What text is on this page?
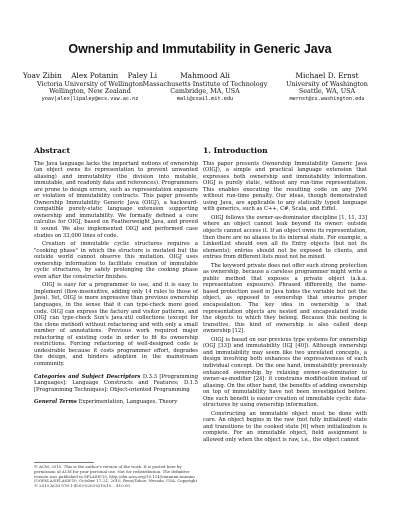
Ownership and Immutability in Generic Java
Yoav Zibin    Alex Potanin    Paley Li
Victoria University of Wellington
Wellington, New Zealand
yoav|alex|lipaley@ecs.vuw.ac.nz
Mahmood Ali
Massachusetts Institute of Technology
Cambridge, MA, USA
mali@csail.mit.edu
Michael D. Ernst
University of Washington
Seattle, WA, USA
mernst@cs.washington.edu
Abstract

The Java language lacks the important notions of ownership (an object owns its representation to prevent unwanted aliasing) and immutability (the division into mutable, immutable, and readonly data and references). Programmers are prone to design errors, such as representation exposure or violation of immutability contracts. This paper presents Ownership Immutability Generic Java (OIGJ), a backward-compatible purely-static language extension supporting ownership and immutability. We formally defined a core calculus for OIGJ, based on Featherweight Java, and proved it sound. We also implemented OIGJ and performed case studies on 33,000 lines of code.

Creation of immutable cyclic structures requires a "cooking phase" in which the structure is mutated but the outside world cannot observe this mutation. OIGJ uses ownership information to facilitate creation of immutable cyclic structures, by safely prolonging the cooking phase even after the constructor finishes.

OIGJ is easy for a programmer to use, and it is easy to implement (flow-insensitive, adding only 14 rules to those of Java). Yet, OIGJ is more expressive than previous ownership languages, in the sense that it can type-check more good code. OIGJ can express the factory and visitor patterns, and OIGJ can type-check Sun's java.util collections (except for the clone method) without refactoring and with only a small number of annotations. Previous work required major refactoring of existing code in order to fit its ownership restrictions. Forcing refactoring of well-designed code is undesirable because it costs programmer effort, degrades the design, and hinders adoption in the mainstream community.

Categories and Subject Descriptors D.3.3 [Programming Languages]: Language Constructs and Features; D.1.5 [Programming Techniques]: Object-oriented Programming

General Terms Experimentation, Languages, Theory

© ACM, 2010. This is the author's version of the work. It is posted here by permission of ACM for your personal use. Not for redistribution. The definitive version was published in SPLASH'10, http://doi.acm.org/10.1145/nnnnnn.nnnnnn (OOPSLA/SPLASH'10, October 17–21, 2010, Reno/Tahoe, Nevada, USA. Copyright © 2010 ACM 978-1-4503-0203-6/10/10... $10.00
1. Introduction

This paper presents Ownership Immutability Generic Java (OIGJ), a simple and practical language extension that expresses both ownership and immutability information. OIGJ is purely static, without any run-time representation. This enables executing the resulting code on any JVM without run-time penalty. Our ideas, though demonstrated using Java, are applicable to any statically typed language with generics, such as C++, C#, Scala, and Eiffel.

OIGJ follows the owner-as-dominator discipline [1, 11, 33] where an object cannot leak beyond its owner: outside objects cannot access it. If an object owns its representation, then there are no aliases to its internal state. For example, a LinkedList should own all its Entry objects (but not its elements); entries should not be exposed to clients, and entries from different lists must not be mixed.

The keyword private does not offer such strong protection as ownership, because a careless programmer might write a public method that exposes a private object (a.k.a. representation exposure). Phrased differently, the name-based protection used in Java hides the variable but not the object, as opposed to ownership that ensures proper encapsulation. The key idea in ownership is that representation objects are nested and encapsulated inside the objects to which they belong. Because this nesting is transitive, this kind of ownership is also called deep ownership [12].

OIGJ is based on our previous type systems for ownership (OGJ [33]) and immutability (IGJ [40]). Although ownership and immutability may seem like two unrelated concepts, a design involving both enhances the expressiveness of each individual concept. On the one hand, immutability previously enhanced ownership by relaxing owner-as-dominator to owner-as-modifier [24]: it constrains modification instead of aliasing. On the other hand, the benefits of adding ownership on top of immutability have not been investigated before. One such benefit is easier creation of immutable cyclic data-structures by using ownership information.

Constructing an immutable object must be done with care. An object begins in the raw (not fully initialized) state and transitions to the cooked state [6] when initialization is complete. For an immutable object, field assignment is allowed only when the object is raw, i.e., the object cannot
